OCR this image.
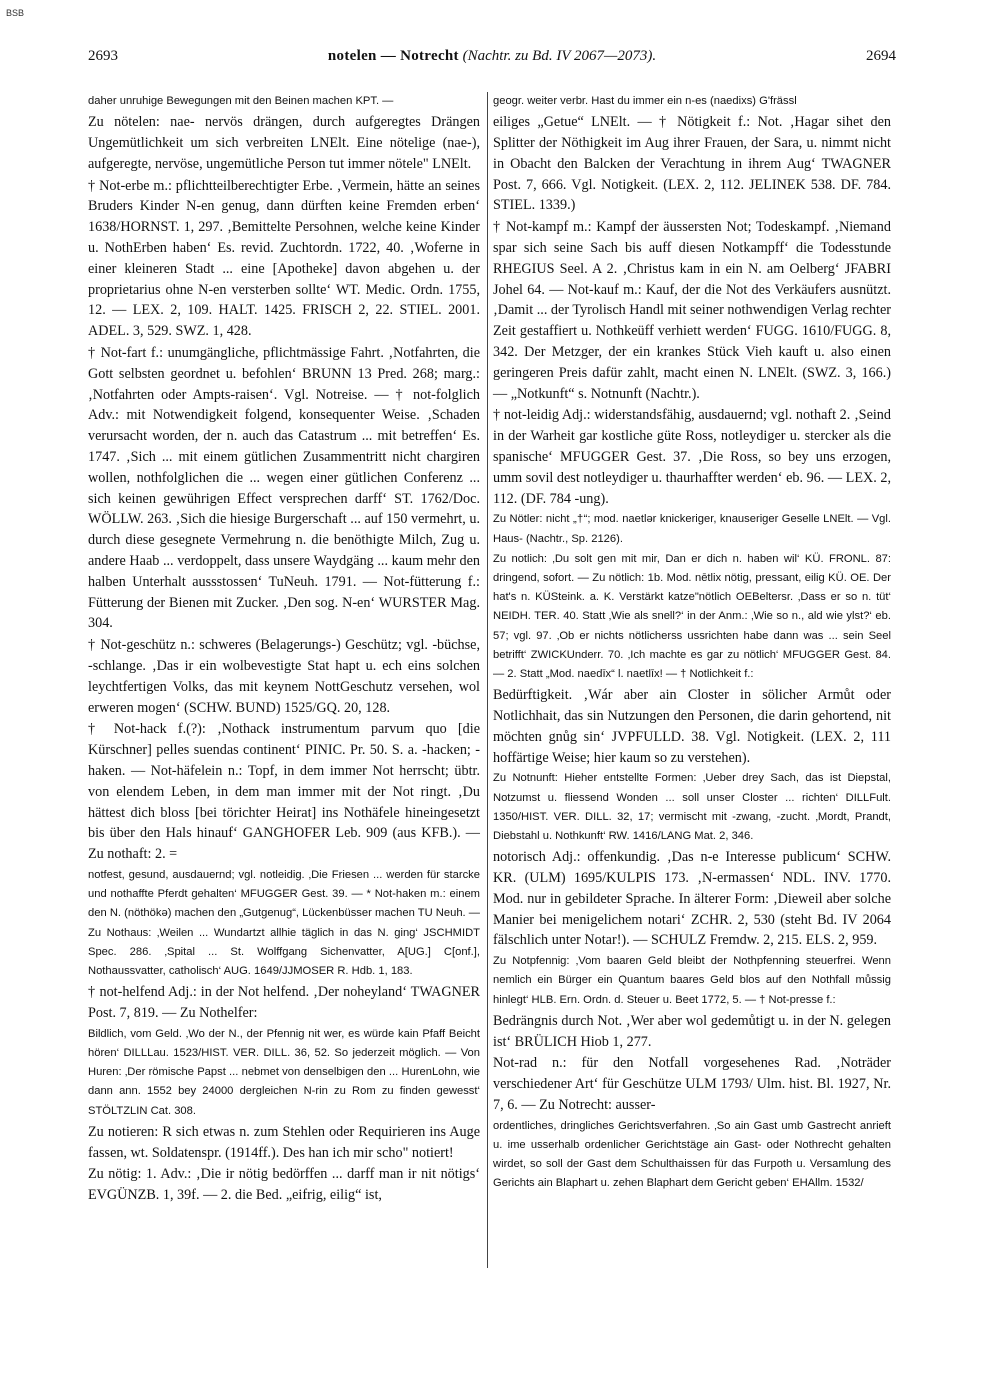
BSB
2693	notelen — Notrecht (Nachtr. zu Bd. IV 2067—2073).	2694

daher unruhige Bewegungen mit den Beinen machen KPT. —

Zu nötelen: nae- nervös drängen, durch aufgeregtes Drängen Ungemütlichkeit um sich verbreiten LNElt. Eine nötelige (nae-), aufgeregte, nervöse, ungemütliche Person tut immer nötele" LNElt.

† Not-erbe m.: pflichtteilberechtigter Erbe. ‚Vermein, hätte an seines Bruders Kinder N-en genug, dann dürften keine Fremden erben‘ 1638/HORNST. 1, 297. ‚Bemittelte Persohnen, welche keine Kinder u. NothErben haben‘ Es. revid. Zuchtordn. 1722, 40. ‚Woferne in einer kleineren Stadt ... eine [Apotheke] davon abgehen u. der proprietarius ohne N-en versterben sollte‘ WT. Medic. Ordn. 1755, 12. — LEX. 2, 109. HALT. 1425. FRISCH 2, 22. STIEL. 2001. ADEL. 3, 529. SWZ. 1, 428.

† Not-fart f.: unumgängliche, pflichtmässige Fahrt. ‚Notfahrten, die Gott selbsten geordnet u. befohlen‘ BRUNN 13 Pred. 268; marg.: ‚Notfahrten oder Ampts-raisen‘. Vgl. Notreise. — † not-folglich Adv.: mit Notwendigkeit folgend, konsequenter Weise. ‚Schaden verursacht worden, der n. auch das Catastrum ... mit betreffen‘ Es. 1747. ‚Sich ... mit einem gütlichen Zusammentritt nicht chargiren wollen, nothfolglichen die ... wegen einer gütlichen Conferenz ... sich keinen gewührigen Effect versprechen darff‘ ST. 1762/Doc. WÖLLW. 263. ‚Sich die hiesige Burgerschaft ... auf 150 vermehrt, u. durch diese gesegnete Vermehrung n. die benöthigte Milch, Zug u. andere Haab ... verdoppelt, dass unsere Waydgäng ... kaum mehr den halben Unterhalt aussstossen‘ TuNeuh. 1791. — Not-fütterung f.: Fütterung der Bienen mit Zucker. ‚Den sog. N-en‘ WURSTER Mag. 304.

† Not-geschütz n.: schweres (Belagerungs-) Geschütz; vgl. -büchse, -schlange. ‚Das ir ein wolbevestigte Stat hapt u. ech eins solchen leychtfertigen Volks, das mit keynem NottGeschutz versehen, wol erweren mogen‘ (SCHW. BUND) 1525/GQ. 20, 128.

† Not-hack f.(?): ‚Nothack instrumentum parvum quo [die Kürschner] pelles suendas continent‘ PINIC. Pr. 50. S. a. -hacken; -haken. — Not-häfelein n.: Topf, in dem immer Not herrscht; übtr. von elendem Leben, in dem man immer mit der Not ringt. ‚Du hättest dich bloss [bei törichter Heirat] ins Nothäfele hineingesetzt bis über den Hals hinauf‘ GANGHOFER Leb. 909 (aus KFB.). — Zu nothaft: 2. =

notfest, gesund, ausdauernd; vgl. notleidig. ‚Die Friesen ... werden für starcke und nothaffte Pferdt gehalten‘ MFUGGER Gest. 39. — * Not-haken m.: einem den N. (nöthökə) machen den „Gutgenug“, Lückenbüsser machen TU Neuh. — Zu Nothaus: ‚Weilen ... Wundartzt allhie täglich in das N. ging‘ JSCHMIDT Spec. 286. ‚Spital ... St. Wolffgang Sichenvatter, A[UG.] C[onf.], Nothaussvatter, catholisch‘ AUG. 1649/JJMOSER R. Hdb. 1, 183.

† not-helfend Adj.: in der Not helfend. ‚Der noheyland‘ TWAGNER Post. 7, 819. — Zu Nothelfer:

Bildlich, vom Geld. ‚Wo der N., der Pfennig nit wer, es würde kain Pfaff Beicht hören‘ DILLLau. 1523/HIST. VER. DILL. 36, 52. So jederzeit möglich. — Von Huren: ‚Der römische Papst ... nebmet von denselbigen den ... HurenLohn, wie dann ann. 1552 bey 24000 dergleichen N-rin zu Rom zu finden gewesst‘ STÖLTZLIN Cat. 308.

Zu notieren: R sich etwas n. zum Stehlen oder Requirieren ins Auge fassen, wt. Soldatenspr. (1914ff.). Des han ich mir scho" notiert!

Zu nötig: 1. Adv.: ‚Die ir nötig bedörffen ... darff man ir nit nötigs‘ EVGÜNZB. 1, 39f. — 2. die Bed. „eifrig, eilig“ ist,

geogr. weiter verbr. Hast du immer ein n-es (naedixs) G'frässl

eiliges „Getue“ LNElt. — † Nötigkeit f.: Not. ‚Hagar sihet den Splitter der Nöthigkeit im Aug ihrer Frauen, der Sara, u. nimmt nicht in Obacht den Balcken der Verachtung in ihrem Aug‘ TWAGNER Post. 7, 666. Vgl. Notigkeit. (LEX. 2, 112. JELINEK 538. DF. 784. STIEL. 1339.)

† Not-kampf m.: Kampf der äussersten Not; Todeskampf. ‚Niemand spar sich seine Sach bis auff diesen Notkampff‘ die Todesstunde RHEGIUS Seel. A 2. ‚Christus kam in ein N. am Oelberg‘ JFABRI Johel 64. — Not-kauf m.: Kauf, der die Not des Verkäufers ausnützt. ‚Damit ... der Tyrolisch Handl mit seiner nothwendigen Verlag rechter Zeit gestaffiert u. Nothkeüff verhiett werden‘ FUGG. 1610/FUGG. 8, 342. Der Metzger, der ein krankes Stück Vieh kauft u. also einen geringeren Preis dafür zahlt, macht einen N. LNElt. (SWZ. 3, 166.) — „Notkunft“ s. Notnunft (Nachtr.).

† not-leidig Adj.: widerstandsfähig, ausdauernd; vgl. nothaft 2. ‚Seind in der Warheit gar kostliche güte Ross, notleydiger u. stercker als die spanische‘ MFUGGER Gest. 37. ‚Die Ross, so bey uns erzogen, umm sovil dest notleydiger u. thaurhaffter werden‘ eb. 96. — LEX. 2, 112. (DF. 784 -ung).

Zu Nötler: nicht „†“; mod. naetlər knickeriger, knauseriger Geselle LNElt. — Vgl. Haus- (Nachtr., Sp. 2126).

Zu notlich: ‚Du solt gen mit mir, Dan er dich n. haben wil‘ KÜ. FRONL. 87: dringend, sofort. — Zu nötlich: 1b. Mod. nētlix nötig, pressant, eilig KÜ. OE. Der hat's n. KÜSteink. a. K. Verstärkt katze"nötlich OEBeltersr. ‚Dass er so n. tüt‘ NEIDH. TER. 40. Statt ‚Wie als snell?‘ in der Anm.: ‚Wie so n., ald wie ylst?‘ eb. 57; vgl. 97. ‚Ob er nichts nötlicherss ussrichten habe dann was ... sein Seel betrifft‘ ZWICKUnderr. 70. ‚Ich machte es gar zu nötlich‘ MFUGGER Gest. 84. — 2. Statt „Mod. naedīx“ l. naetlīx! — † Notlichkeit f.:

Bedürftigkeit. ‚Wár aber ain Closter in sölicher Armůt oder Notlichhait, das sin Nutzungen den Personen, die darin gehortend, nit möchten gnůg sin‘ JVPFULLD. 38. Vgl. Notigkeit. (LEX. 2, 111 hoffärtige Weise; hier kaum so zu verstehen).

Zu Notnunft: Hieher entstellte Formen: ‚Ueber drey Sach, das ist Diepstal, Notzumst u. fliessend Wonden ... soll unser Closter ... richten‘ DILLFult. 1350/HIST. VER. DILL. 32, 17; vermischt mit -zwang, -zucht. ‚Mordt, Prandt, Diebstahl u. Nothkunft‘ RW. 1416/LANG Mat. 2, 346.

notorisch Adj.: offenkundig. ‚Das n-e Interesse publicum‘ SCHW. KR. (ULM) 1695/KULPIS 173. ‚N-ermassen‘ NDL. INV. 1770. Mod. nur in gebildeter Sprache. In älterer Form: ‚Dieweil aber solche Manier bei menigelichem notari‘ ZCHR. 2, 530 (steht Bd. IV 2064 fälschlich unter Notar!). — SCHULZ Fremdw. 2, 215. ELS. 2, 959.

Zu Notpfennig: ‚Vom baaren Geld bleibt der Nothpfenning steuerfrei. Wenn nemlich ein Bürger ein Quantum baares Geld blos auf den Nothfall můssig hinlegt‘ HLB. Ern. Ordn. d. Steuer u. Beet 1772, 5. — † Not-presse f.:

Bedrängnis durch Not. ‚Wer aber wol gedemůtigt u. in der N. gelegen ist‘ BRÜLICH Hiob 1, 277.

Not-rad n.: für den Notfall vorgesehenes Rad. ‚Noträder verschiedener Art‘ für Geschütze ULM 1793/ Ulm. hist. Bl. 1927, Nr. 7, 6. — Zu Notrecht: ausser-

ordentliches, dringliches Gerichtsverfahren. ‚So ain Gast umb Gastrecht anrieft u. ime usserhalb ordenlicher Gerichtstäge ain Gast- oder Nothrecht gehalten wirdet, so soll der Gast dem Schulthaissen für das Furpoth u. Versamlung des Gerichts ain Blaphart u. zehen Blaphart dem Gericht geben‘ EHAllm. 1532/
